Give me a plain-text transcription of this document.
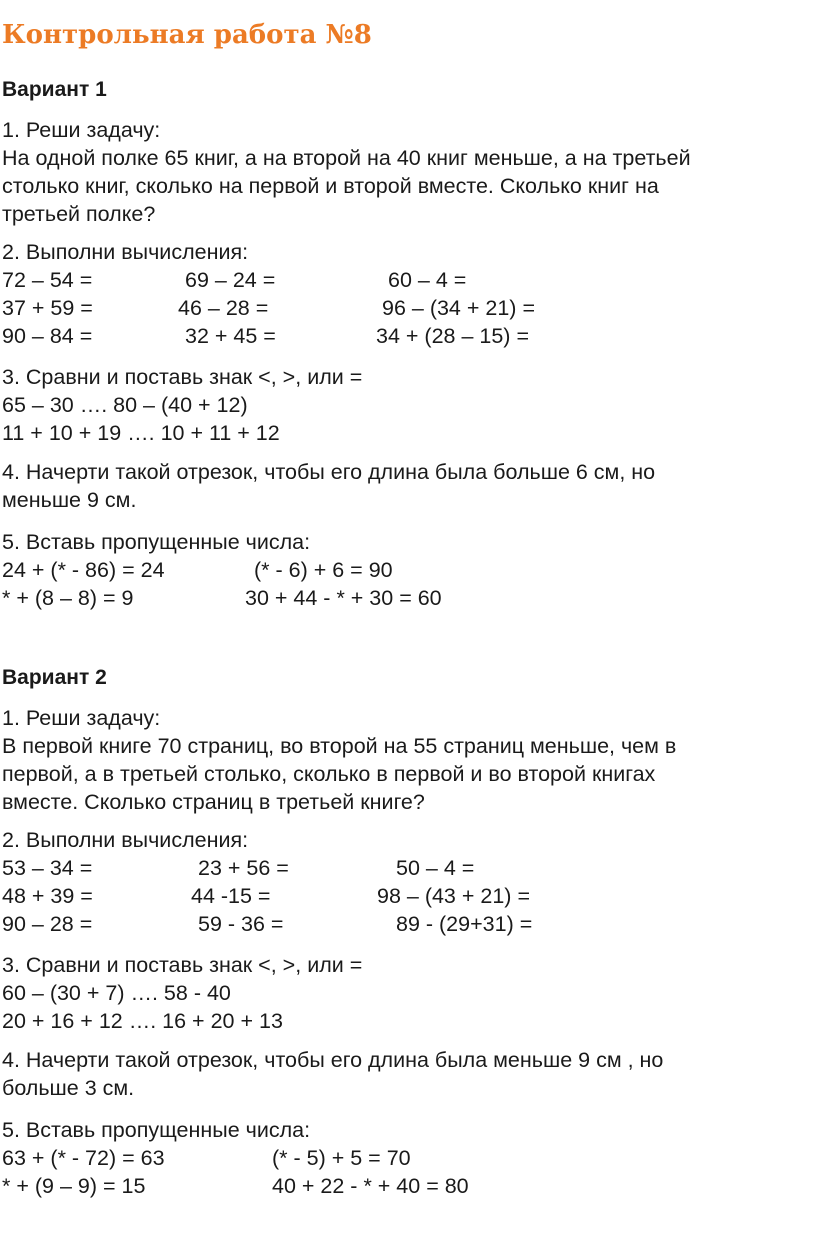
Контрольная работа №8
Вариант 1
1. Реши задачу:
На одной полке 65 книг, а на второй на 40 книг меньше, а на третьей
столько книг, сколько на первой и второй вместе. Сколько книг на
третьей полке?
2. Выполни вычисления:
72 – 54 =	69 – 24 =	60 – 4 =
37 + 59 =	46 – 28 =	96 – (34 + 21) =
90 – 84 =	32 + 45 =	34 + (28 – 15) =
3. Сравни и поставь знак <, >, или =
65 – 30 …. 80 – (40 + 12)
11 + 10 + 19 …. 10 + 11 + 12
4. Начерти такой отрезок, чтобы его длина была больше 6 см, но
меньше 9 см.
5. Вставь пропущенные числа:
24 + (* - 86) = 24	(* - 6) + 6 = 90
* + (8 – 8) = 9	30 + 44 - * + 30 = 60
Вариант 2
1. Реши задачу:
В первой книге 70 страниц, во второй на 55 страниц меньше, чем в
первой, а в третьей столько, сколько в первой и во второй книгах
вместе. Сколько страниц в третьей книге?
2. Выполни вычисления:
53 – 34 =	23 + 56 =	50 – 4 =
48 + 39 =	44 -15 =	98 – (43 + 21) =
90 – 28 =	59 - 36 =	89 - (29+31) =
3. Сравни и поставь знак <, >, или =
60 – (30 + 7) …. 58 - 40
20 + 16 + 12 …. 16 + 20 + 13
4. Начерти такой отрезок, чтобы его длина была меньше 9 см , но
больше 3 см.
5. Вставь пропущенные числа:
63 + (* - 72) = 63	(* - 5) + 5 = 70
* + (9 – 9) = 15	40 + 22 - * + 40 = 80
